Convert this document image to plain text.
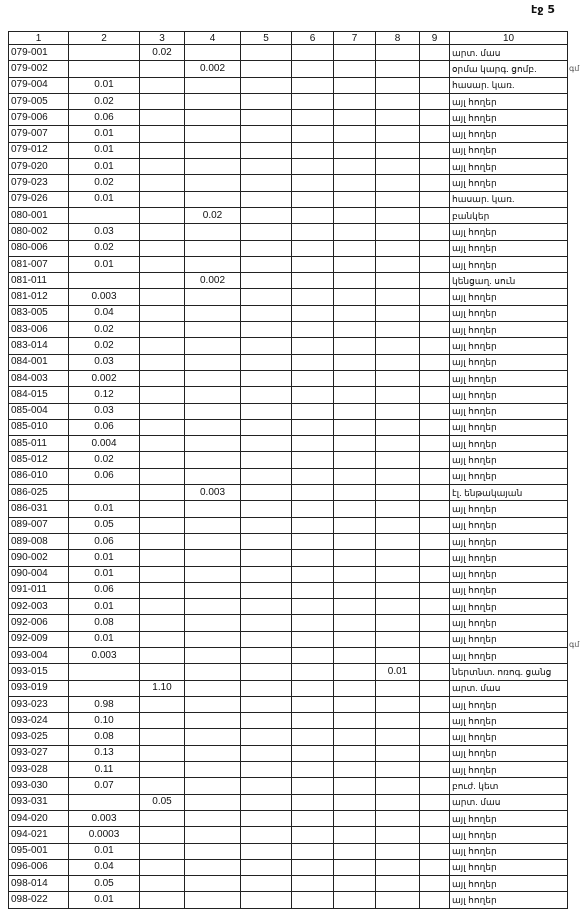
էջ 5
1	2	3	4	5	6	7	8	9	10
079-001		0.02							արտ. մաս
079-002			0.002						օրմա կարգ. ցոմբ.
079-004	0.01								հասար. կառ.
079-005	0.02								այլ հողեր
079-006	0.06								այլ հողեր
079-007	0.01								այլ հողեր
079-012	0.01								այլ հողեր
079-020	0.01								այլ հողեր
079-023	0.02								այլ հողեր
079-026	0.01								հասար. կառ.
080-001			0.02						բանկեր
080-002	0.03								այլ հողեր
080-006	0.02								այլ հողեր
081-007	0.01								այլ հողեր
081-011			0.002						կենցաղ. սուն
081-012	0.003								այլ հողեր
083-005	0.04								այլ հողեր
083-006	0.02								այլ հողեր
083-014	0.02								այլ հողեր
084-001	0.03								այլ հողեր
084-003	0.002								այլ հողեր
084-015	0.12								այլ հողեր
085-004	0.03								այլ հողեր
085-010	0.06								այլ հողեր
085-011	0.004								այլ հողեր
085-012	0.02								այլ հողեր
086-010	0.06								այլ հողեր
086-025			0.003						էլ. ենթակայան
086-031	0.01								այլ հողեր
089-007	0.05								այլ հողեր
089-008	0.06								այլ հողեր
090-002	0.01								այլ հողեր
090-004	0.01								այլ հողեր
091-011	0.06								այլ հողեր
092-003	0.01								այլ հողեր
092-006	0.08								այլ հողեր
092-009	0.01								այլ հողեր
093-004	0.003								այլ հողեր
093-015							0.01		ներտնտ. ոռոգ. ցանց
093-019		1.10							արտ. մաս
093-023	0.98								այլ հողեր
093-024	0.10								այլ հողեր
093-025	0.08								այլ հողեր
093-027	0.13								այլ հողեր
093-028	0.11								այլ հողեր
093-030	0.07								բուժ. կետ
093-031		0.05							արտ. մաս
094-020	0.003								այլ հողեր
094-021	0.0003								այլ հողեր
095-001	0.01								այլ հողեր
096-006	0.04								այլ հողեր
098-014	0.05								այլ հողեր
098-022	0.01								այլ հողեր
գմ
գմ
